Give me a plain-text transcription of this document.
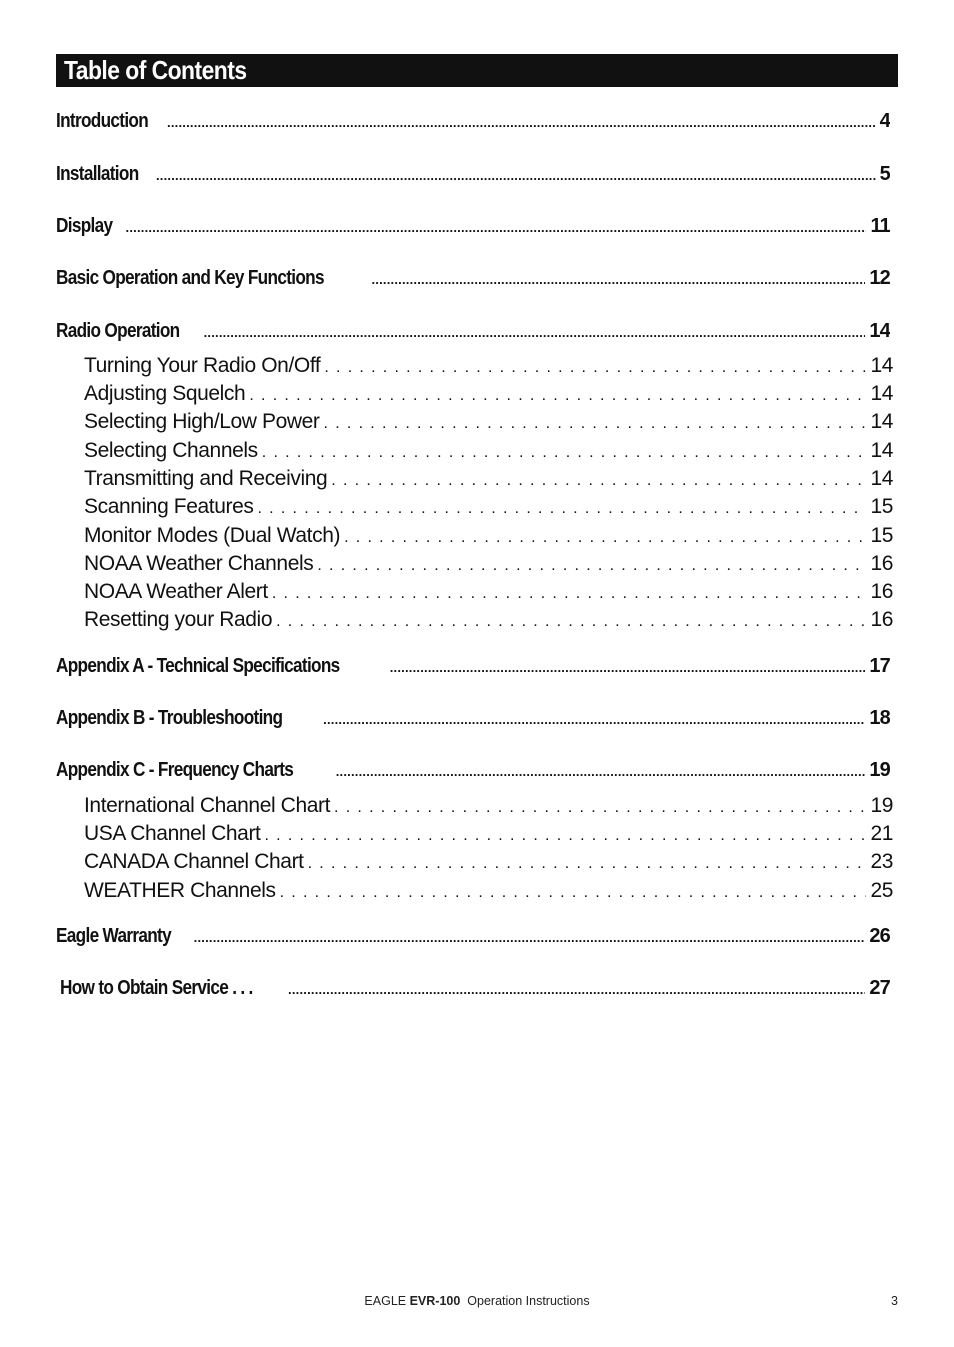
Table of Contents
Introduction .....	4
Installation .....	5
Display .....	11
Basic Operation and Key Functions .....	12
Radio Operation .....	14
Turning Your Radio On/Off . . .	14
Adjusting Squelch . . .	14
Selecting High/Low Power . . .	14
Selecting Channels . . .	14
Transmitting and Receiving . . .	14
Scanning Features . . .	15
Monitor Modes (Dual Watch) . . .	15
NOAA Weather Channels . . .	16
NOAA Weather Alert . . .	16
Resetting your Radio . . .	16
Appendix A - Technical Specifications .....	17
Appendix B - Troubleshooting .....	18
Appendix C - Frequency Charts .....	19
International Channel Chart . . .	19
USA Channel Chart . . .	21
CANADA Channel Chart . . .	23
WEATHER Channels . . .	25
Eagle Warranty .....	26
How to Obtain Service . . . .....	27
EAGLE EVR-100 Operation Instructions	3
